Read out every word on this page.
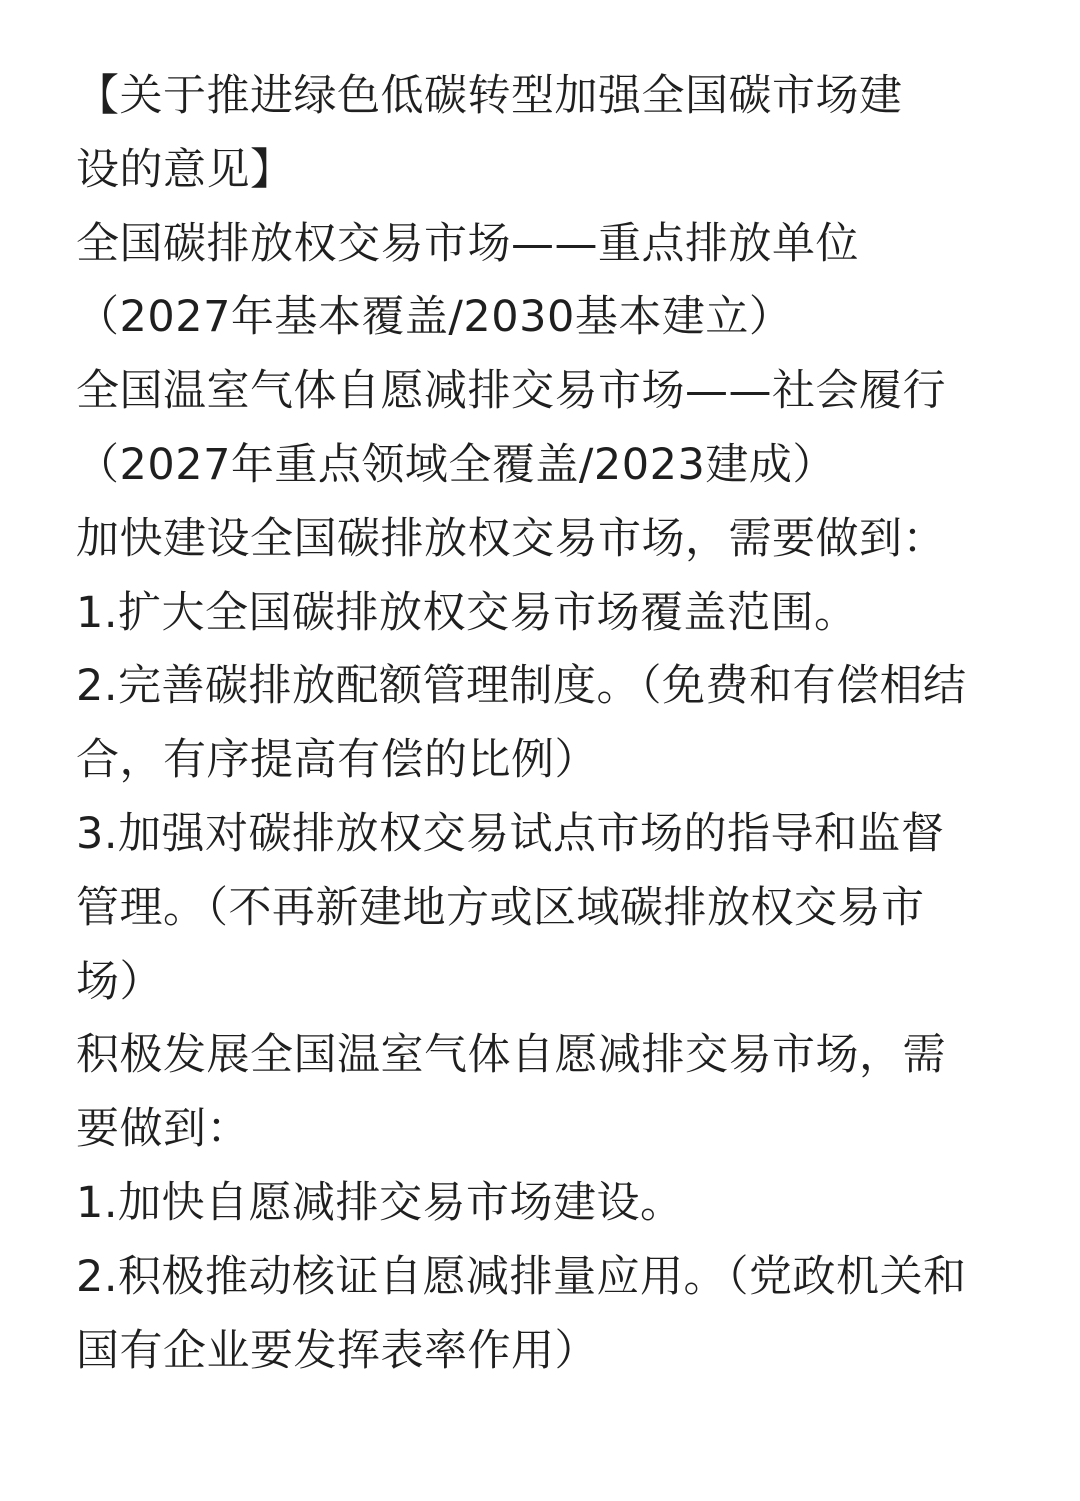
【关于推进绿色低碳转型加强全国碳市场建
设的意见】
全国碳排放权交易市场——重点排放单位
（2027年基本覆盖/2030基本建立）
全国温室气体自愿减排交易市场——社会履行
（2027年重点领域全覆盖/2023建成）
加快建设全国碳排放权交易市场，需要做到：
1.扩大全国碳排放权交易市场覆盖范围。
2.完善碳排放配额管理制度。（免费和有偿相结
合，有序提高有偿的比例）
3.加强对碳排放权交易试点市场的指导和监督
管理。（不再新建地方或区域碳排放权交易市
场）
积极发展全国温室气体自愿减排交易市场，需
要做到：
1.加快自愿减排交易市场建设。
2.积极推动核证自愿减排量应用。（党政机关和
国有企业要发挥表率作用）
